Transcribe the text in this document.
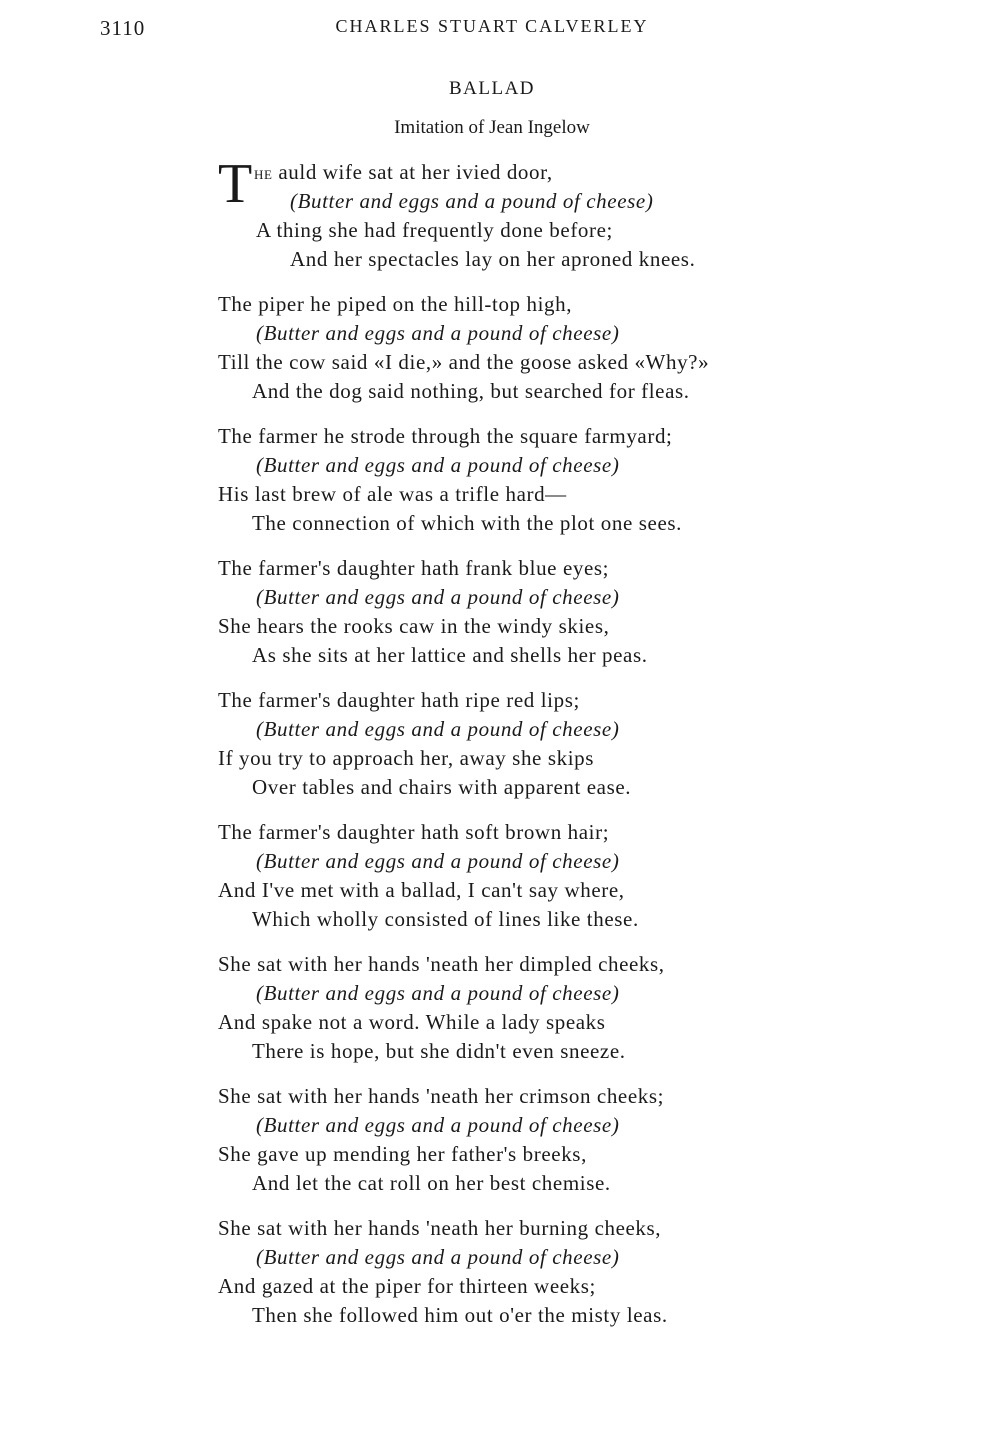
3110	CHARLES STUART CALVERLEY
BALLAD
Imitation of Jean Ingelow
T he auld wife sat at her ivied door,
(Butter and eggs and a pound of cheese)
A thing she had frequently done before;
And her spectacles lay on her aproned knees.
The piper he piped on the hill-top high,
(Butter and eggs and a pound of cheese)
Till the cow said «I die,» and the goose asked «Why?»
And the dog said nothing, but searched for fleas.
The farmer he strode through the square farmyard;
(Butter and eggs and a pound of cheese)
His last brew of ale was a trifle hard—
The connection of which with the plot one sees.
The farmer's daughter hath frank blue eyes;
(Butter and eggs and a pound of cheese)
She hears the rooks caw in the windy skies,
As she sits at her lattice and shells her peas.
The farmer's daughter hath ripe red lips;
(Butter and eggs and a pound of cheese)
If you try to approach her, away she skips
Over tables and chairs with apparent ease.
The farmer's daughter hath soft brown hair;
(Butter and eggs and a pound of cheese)
And I've met with a ballad, I can't say where,
Which wholly consisted of lines like these.
She sat with her hands 'neath her dimpled cheeks,
(Butter and eggs and a pound of cheese)
And spake not a word. While a lady speaks
There is hope, but she didn't even sneeze.
She sat with her hands 'neath her crimson cheeks;
(Butter and eggs and a pound of cheese)
She gave up mending her father's breeks,
And let the cat roll on her best chemise.
She sat with her hands 'neath her burning cheeks,
(Butter and eggs and a pound of cheese)
And gazed at the piper for thirteen weeks;
Then she followed him out o'er the misty leas.
